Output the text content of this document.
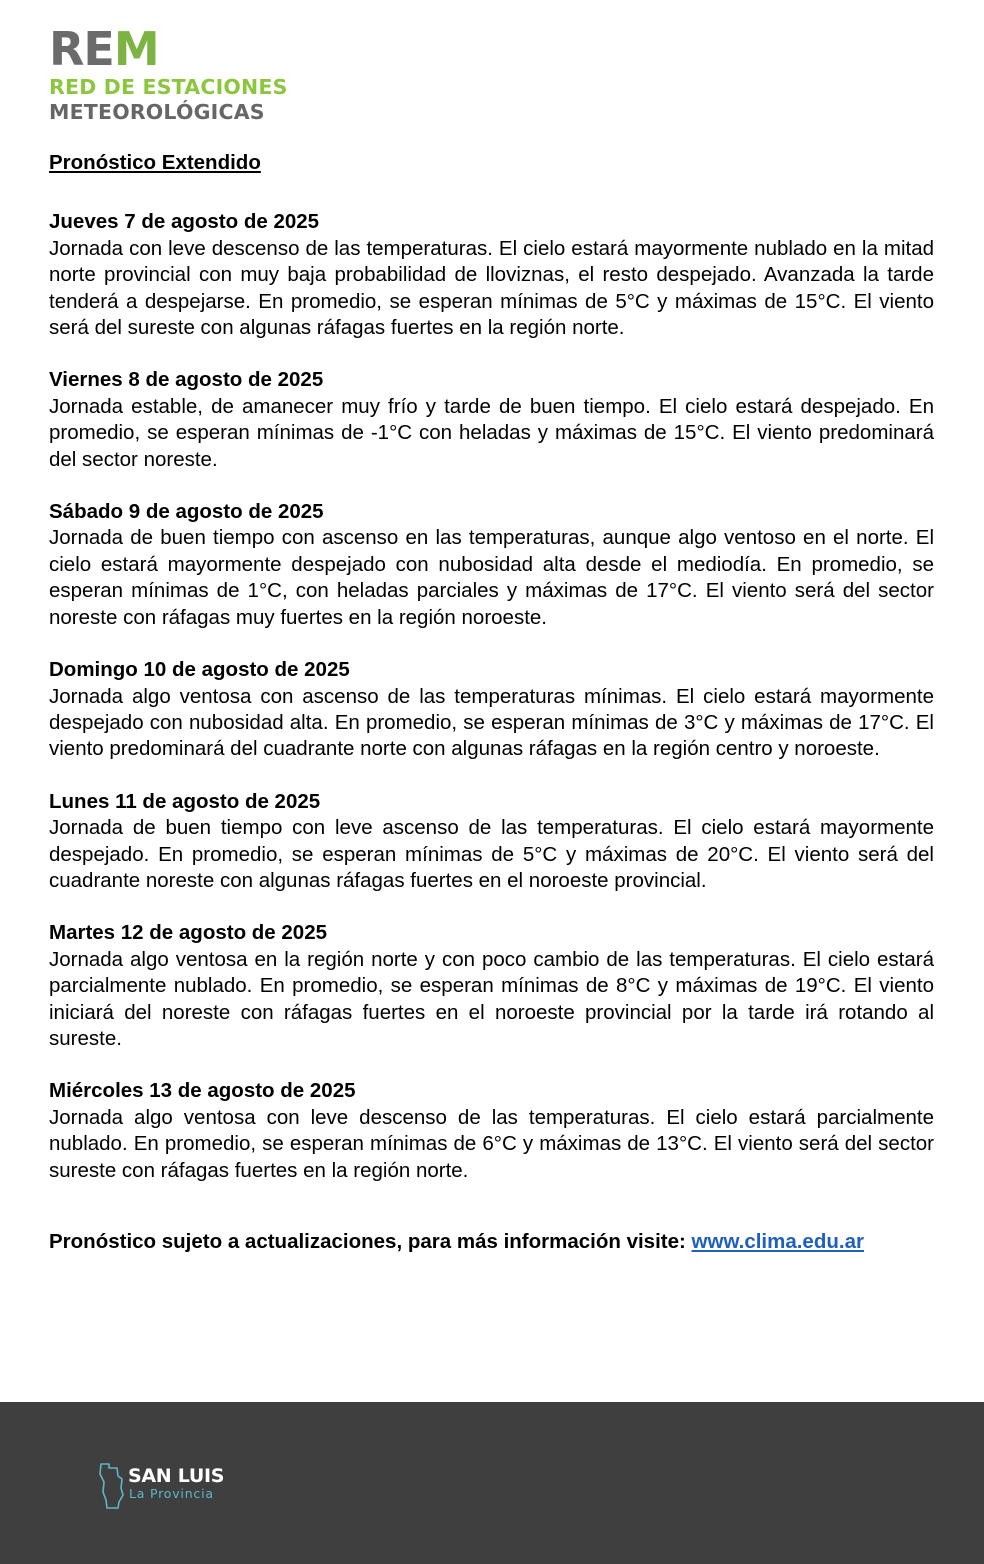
REM
RED DE ESTACIONES
METEOROLÓGICAS
Pronóstico Extendido
Jueves 7 de agosto de 2025
Jornada con leve descenso de las temperaturas. El cielo estará mayormente nublado en la mitad norte provincial con muy baja probabilidad de lloviznas, el resto despejado. Avanzada la tarde tenderá a despejarse. En promedio, se esperan mínimas de 5°C y máximas de 15°C. El viento será del sureste con algunas ráfagas fuertes en la región norte.
Viernes 8 de agosto de 2025
Jornada estable, de amanecer muy frío y tarde de buen tiempo. El cielo estará despejado. En promedio, se esperan mínimas de -1°C con heladas y máximas de 15°C. El viento predominará del sector noreste.
Sábado 9 de agosto de 2025
Jornada de buen tiempo con ascenso en las temperaturas, aunque algo ventoso en el norte. El cielo estará mayormente despejado con nubosidad alta desde el mediodía. En promedio, se esperan mínimas de 1°C, con heladas parciales y máximas de 17°C. El viento será del sector noreste con ráfagas muy fuertes en la región noroeste.
Domingo 10 de agosto de 2025
Jornada algo ventosa con ascenso de las temperaturas mínimas. El cielo estará mayormente despejado con nubosidad alta. En promedio, se esperan mínimas de 3°C y máximas de 17°C. El viento predominará del cuadrante norte con algunas ráfagas en la región centro y noroeste.
Lunes 11 de agosto de 2025
Jornada de buen tiempo con leve ascenso de las temperaturas. El cielo estará mayormente despejado. En promedio, se esperan mínimas de 5°C y máximas de 20°C. El viento será del cuadrante noreste con algunas ráfagas fuertes en el noroeste provincial.
Martes 12 de agosto de 2025
Jornada algo ventosa en la región norte y con poco cambio de las temperaturas. El cielo estará parcialmente nublado. En promedio, se esperan mínimas de 8°C y máximas de 19°C. El viento iniciará del noreste con ráfagas fuertes en el noroeste provincial por la tarde irá rotando al sureste.
Miércoles 13 de agosto de 2025
Jornada algo ventosa con leve descenso de las temperaturas. El cielo estará parcialmente nublado. En promedio, se esperan mínimas de 6°C y máximas de 13°C. El viento será del sector sureste con ráfagas fuertes en la región norte.
Pronóstico sujeto a actualizaciones, para más información visite: www.clima.edu.ar
SAN LUIS
La Provincia
